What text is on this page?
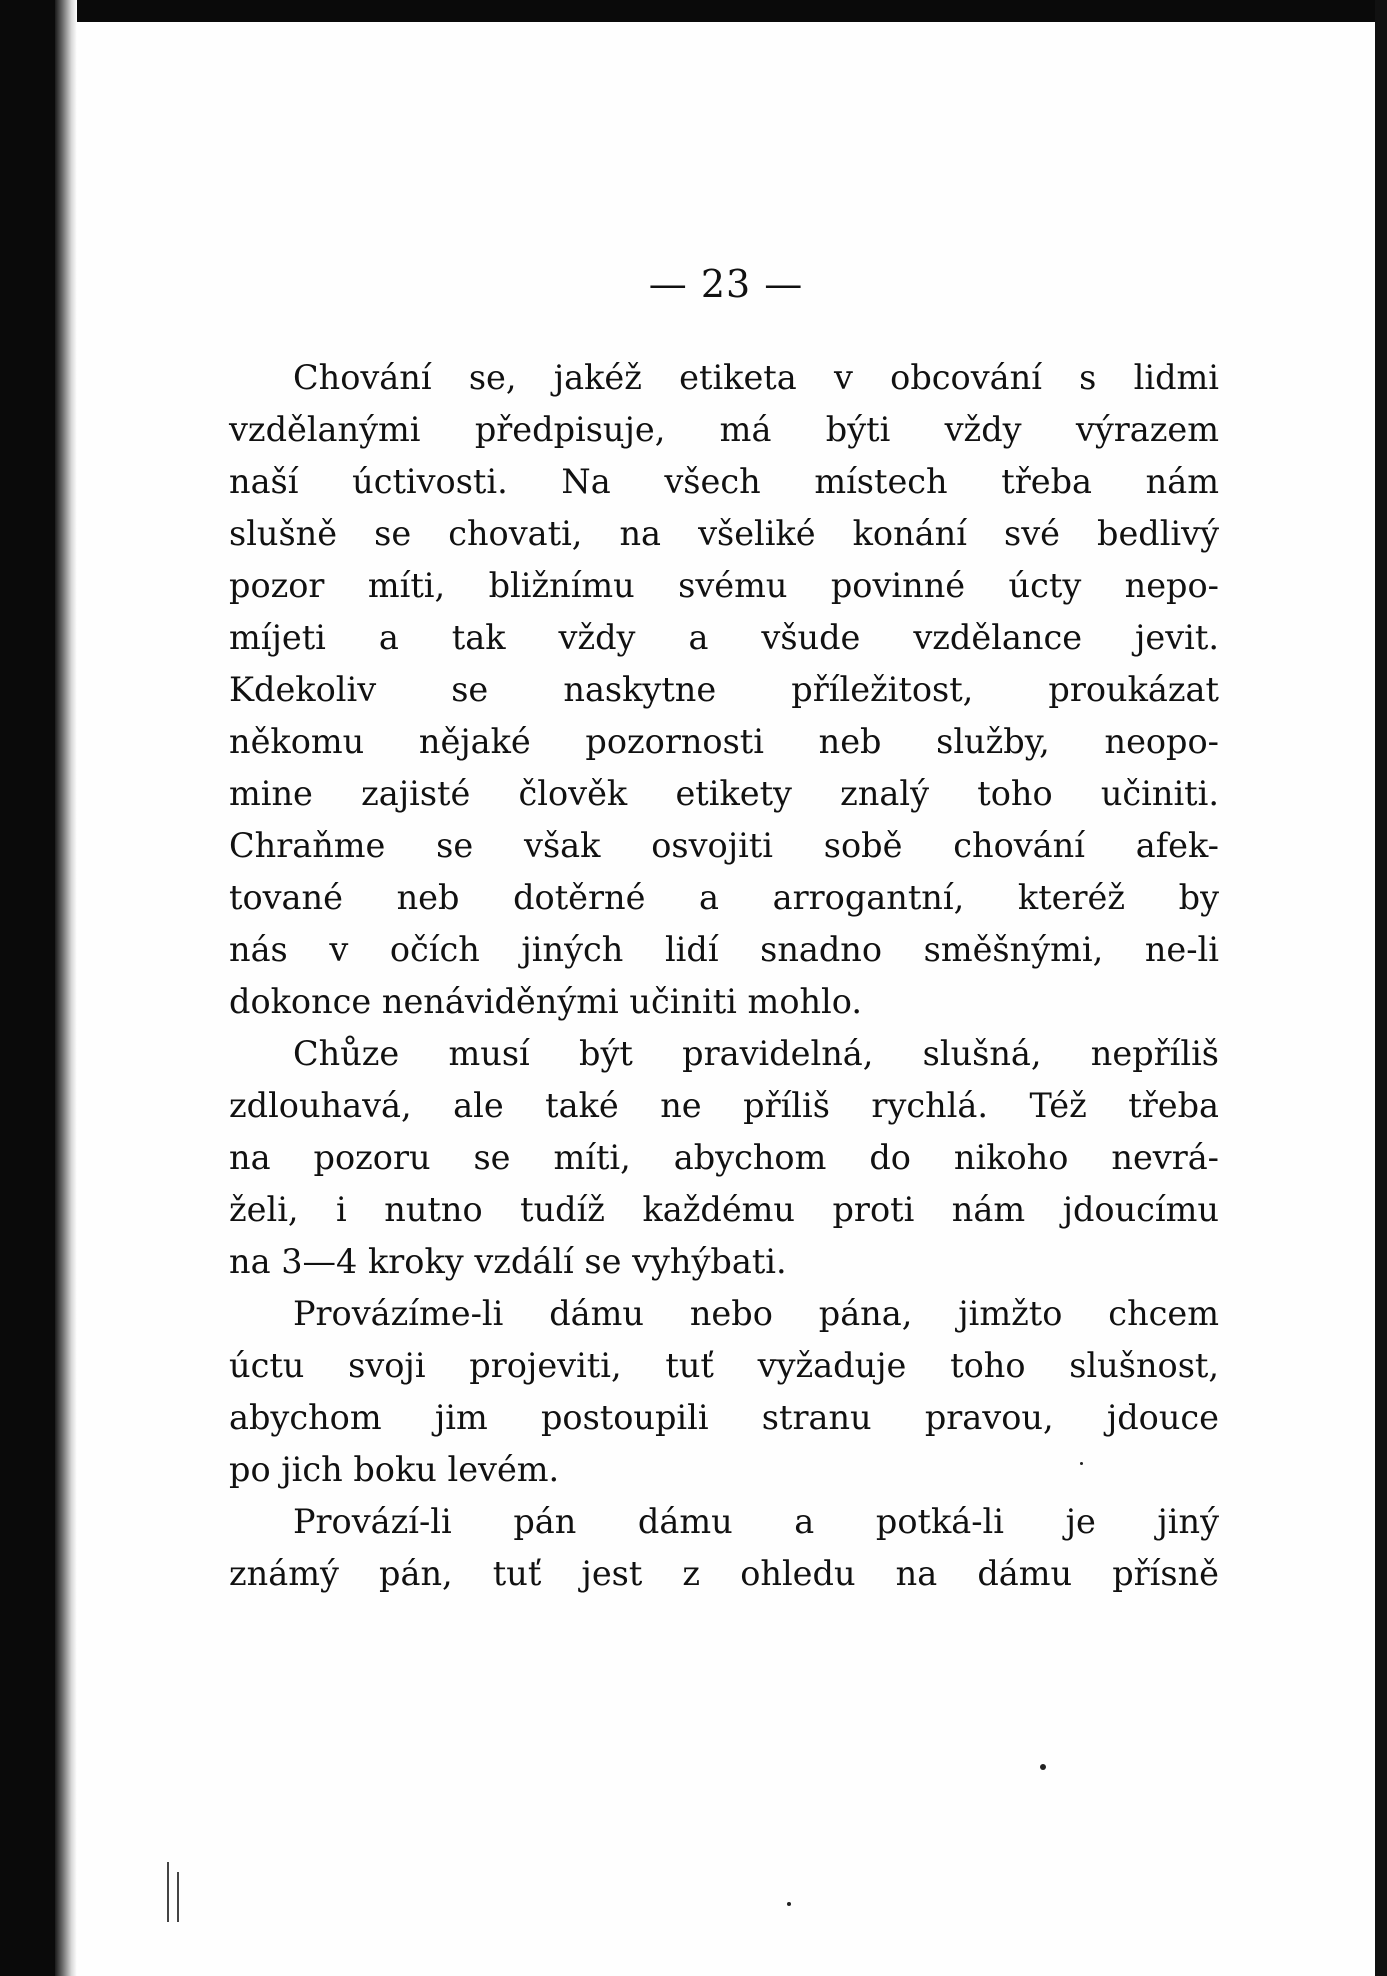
— 23 —

Chování se, jakéž etiketa v obcování s lidmi
vzdělanými předpisuje, má býti vždy výrazem
naší úctivosti. Na všech místech třeba nám
slušně se chovati, na všeliké konání své bedlivý
pozor míti, bližnímu svému povinné úcty nepo-
míjeti a tak vždy a všude vzdělance jevit.
Kdekoliv se naskytne příležitost, proukázat
někomu nějaké pozornosti neb služby, neopo-
mine zajisté člověk etikety znalý toho učiniti.
Chraňme se však osvojiti sobě chování afek-
tované neb dotěrné a arrogantní, kteréž by
nás v očích jiných lidí snadno směšnými, ne-li
dokonce nenáviděnými učiniti mohlo.

Chůze musí být pravidelná, slušná, nepříliš
zdlouhavá, ale také ne příliš rychlá. Též třeba
na pozoru se míti, abychom do nikoho nevrá-
želi, i nutno tudíž každému proti nám jdoucímu
na 3—4 kroky vzdálí se vyhýbati.

Provázíme-li dámu nebo pána, jimžto chcem
úctu svoji projeviti, tuť vyžaduje toho slušnost,
abychom jim postoupili stranu pravou, jdouce
po jich boku levém.

Provází-li pán dámu a potká-li je jiný
známý pán, tuť jest z ohledu na dámu přísně
